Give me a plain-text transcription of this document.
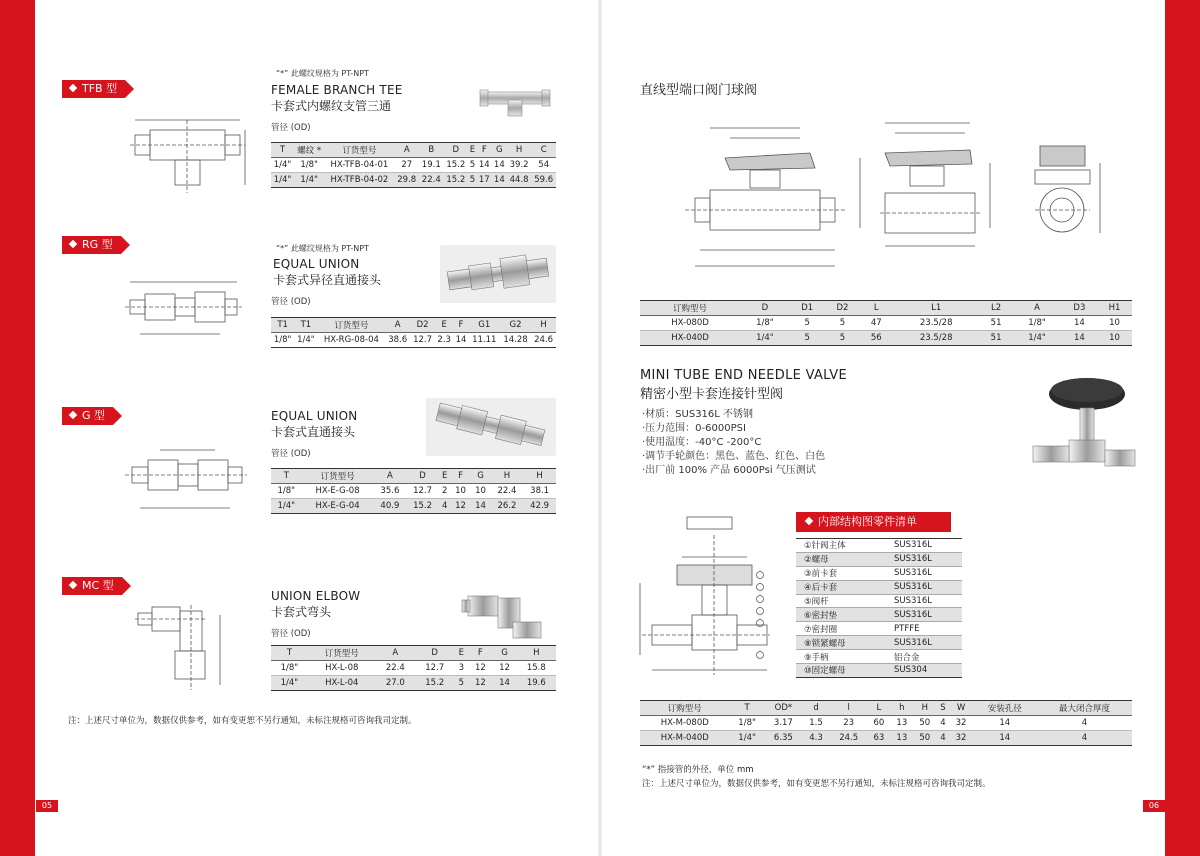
05	06
TFB 型
“*” 此螺纹规格为 PT-NPT
FEMALE BRANCH TEE
卡套式内螺纹支管三通
管径 (OD)
T	螺纹 *	订货型号	A	B	D	E	F	G	H	C
1/4"	1/8"	HX-TFB-04-01	27	19.1	15.2	5	14	14	39.2	54
1/4"	1/4"	HX-TFB-04-02	29.8	22.4	15.2	5	17	14	44.8	59.6
RG 型	“*” 此螺纹规格为 PT-NPT
EQUAL UNION
卡套式异径直通接头
管径 (OD)
T1	T1	订货型号	A	D2	E	F	G1	G2	H
1/8"	1/4"	HX-RG-08-04	38.6	12.7	2.3	14	11.11	14.28	24.6
G 型	EQUAL UNION
卡套式直通接头
管径 (OD)
T	订货型号	A	D	E	F	G	H	H
1/8"	HX-E-G-08	35.6	12.7	2	10	10	22.4	38.1
1/4"	HX-E-G-04	40.9	15.2	4	12	14	26.2	42.9
MC 型
UNION ELBOW
卡套式弯头
管径 (OD)
T	订货型号	A	D	E	F	G	H
1/8"	HX-L-08	22.4	12.7	3	12	12	15.8
1/4"	HX-L-04	27.0	15.2	5	12	14	19.6
注：上述尺寸单位为，数据仅供参考，如有变更恕不另行通知，未标注规格可咨询我司定制。
直线型端口阀门球阀
订购型号	D	D1	D2	L	L1	L2	A	D3	H1
HX-080D	1/8"	5	5	47	23.5/28	51	1/8"	14	10
HX-040D	1/4"	5	5	56	23.5/28	51	1/4"	14	10
MINI TUBE END NEEDLE VALVE
精密小型卡套连接针型阀
·材质：SUS316L 不锈钢
·压力范围：0-6000PSI
·使用温度：-40°C -200°C
·调节手轮颜色：黑色、蓝色、红色、白色
·出厂前 100% 产品 6000Psi 气压测试
内部结构图零件清单
①针阀主体	SUS316L
②螺母	SUS316L
③前卡套	SUS316L
④后卡套	SUS316L
⑤阀杆	SUS316L
⑥密封垫	SUS316L
⑦密封圈	PTFFE
⑧锁紧螺母	SUS316L
⑨手柄	铝合金
⑩固定螺母	SUS304
订购型号	T	OD*	d	l	L	h	H	S	W	安装孔径	最大闭合厚度
HX-M-080D	1/8"	3.17	1.5	23	60	13	50	4	32	14	4
HX-M-040D	1/4"	6.35	4.3	24.5	63	13	50	4	32	14	4
“*” 指接管的外径，单位 mm
注：上述尺寸单位为，数据仅供参考，如有变更恕不另行通知，未标注规格可咨询我司定制。
